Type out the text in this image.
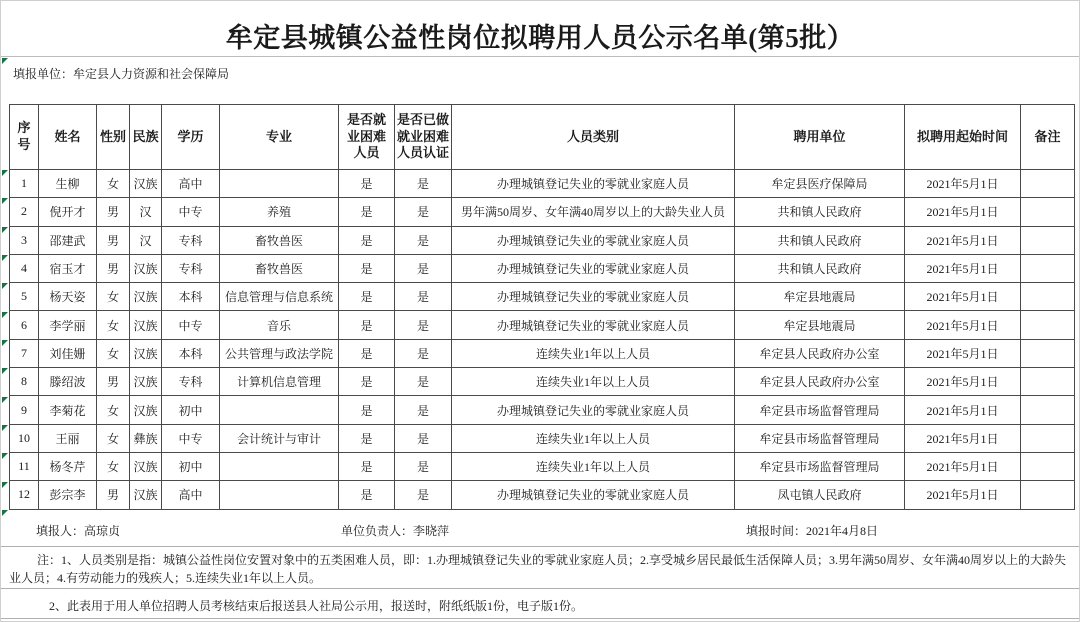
牟定县城镇公益性岗位拟聘用人员公示名单(第5批）
填报单位：牟定县人力资源和社会保障局
序号	姓名	性别	民族	学历	专业	是否就业困难人员	是否已做就业困难人员认证	人员类别	聘用单位	拟聘用起始时间	备注
1	生柳	女	汉族	高中		是	是	办理城镇登记失业的零就业家庭人员	牟定县医疗保障局	2021年5月1日	
2	倪开才	男	汉	中专	养殖	是	是	男年满50周岁、女年满40周岁以上的大龄失业人员	共和镇人民政府	2021年5月1日	
3	邵建武	男	汉	专科	畜牧兽医	是	是	办理城镇登记失业的零就业家庭人员	共和镇人民政府	2021年5月1日	
4	宿玉才	男	汉族	专科	畜牧兽医	是	是	办理城镇登记失业的零就业家庭人员	共和镇人民政府	2021年5月1日	
5	杨天姿	女	汉族	本科	信息管理与信息系统	是	是	办理城镇登记失业的零就业家庭人员	牟定县地震局	2021年5月1日	
6	李学丽	女	汉族	中专	音乐	是	是	办理城镇登记失业的零就业家庭人员	牟定县地震局	2021年5月1日	
7	刘佳姗	女	汉族	本科	公共管理与政法学院	是	是	连续失业1年以上人员	牟定县人民政府办公室	2021年5月1日	
8	滕绍波	男	汉族	专科	计算机信息管理	是	是	连续失业1年以上人员	牟定县人民政府办公室	2021年5月1日	
9	李菊花	女	汉族	初中		是	是	办理城镇登记失业的零就业家庭人员	牟定县市场监督管理局	2021年5月1日	
10	王丽	女	彝族	中专	会计统计与审计	是	是	连续失业1年以上人员	牟定县市场监督管理局	2021年5月1日	
11	杨冬芹	女	汉族	初中		是	是	连续失业1年以上人员	牟定县市场监督管理局	2021年5月1日	
12	彭宗李	男	汉族	高中		是	是	办理城镇登记失业的零就业家庭人员	凤屯镇人民政府	2021年5月1日	
填报人：高琼贞	单位负责人：李晓萍	填报时间：2021年4月8日
注：1、人员类别是指：城镇公益性岗位安置对象中的五类困难人员，即：1.办理城镇登记失业的零就业家庭人员；2.享受城乡居民最低生活保障人员；3.男年满50周岁、女年满40周岁以上的大龄失业人员；4.有劳动能力的残疾人；5.连续失业1年以上人员。
2、此表用于用人单位招聘人员考核结束后报送县人社局公示用，报送时，附纸纸版1份，电子版1份。
